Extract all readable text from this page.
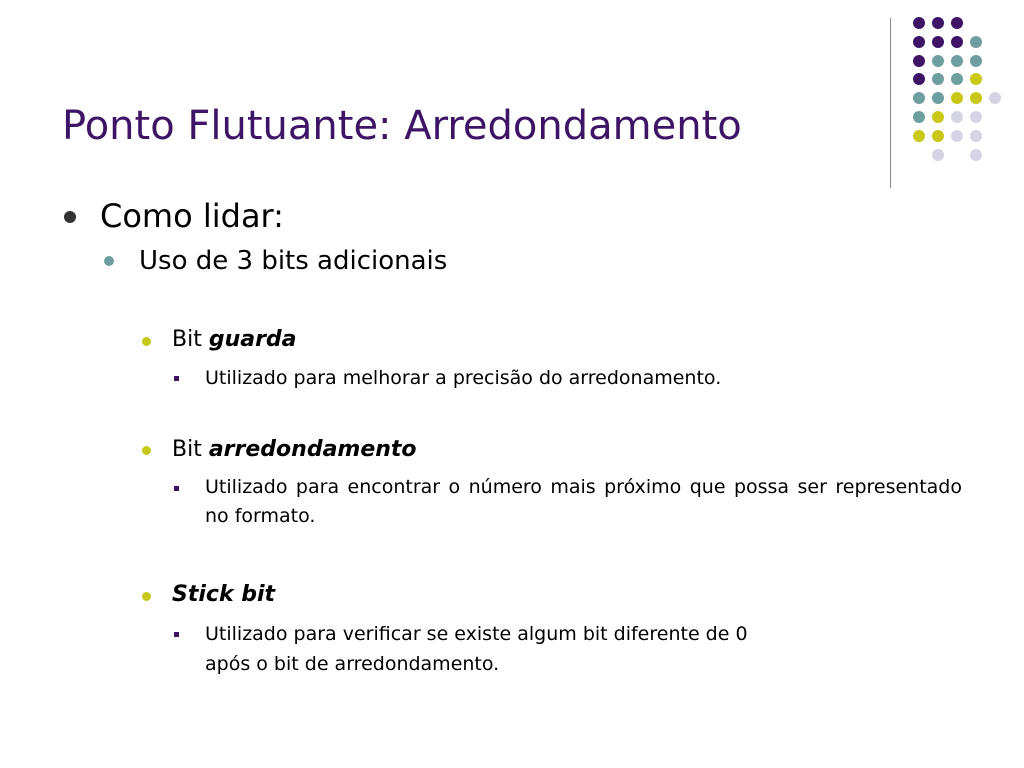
Ponto Flutuante: Arredondamento
Como lidar:
Uso de 3 bits adicionais
Bit guarda
Utilizado para melhorar a precisão do arredonamento.
Bit arredondamento
Utilizado para encontrar o número mais próximo que possa ser representado no formato.
Stick bit
Utilizado para verificar se existe algum bit diferente de 0
após o bit de arredondamento.
